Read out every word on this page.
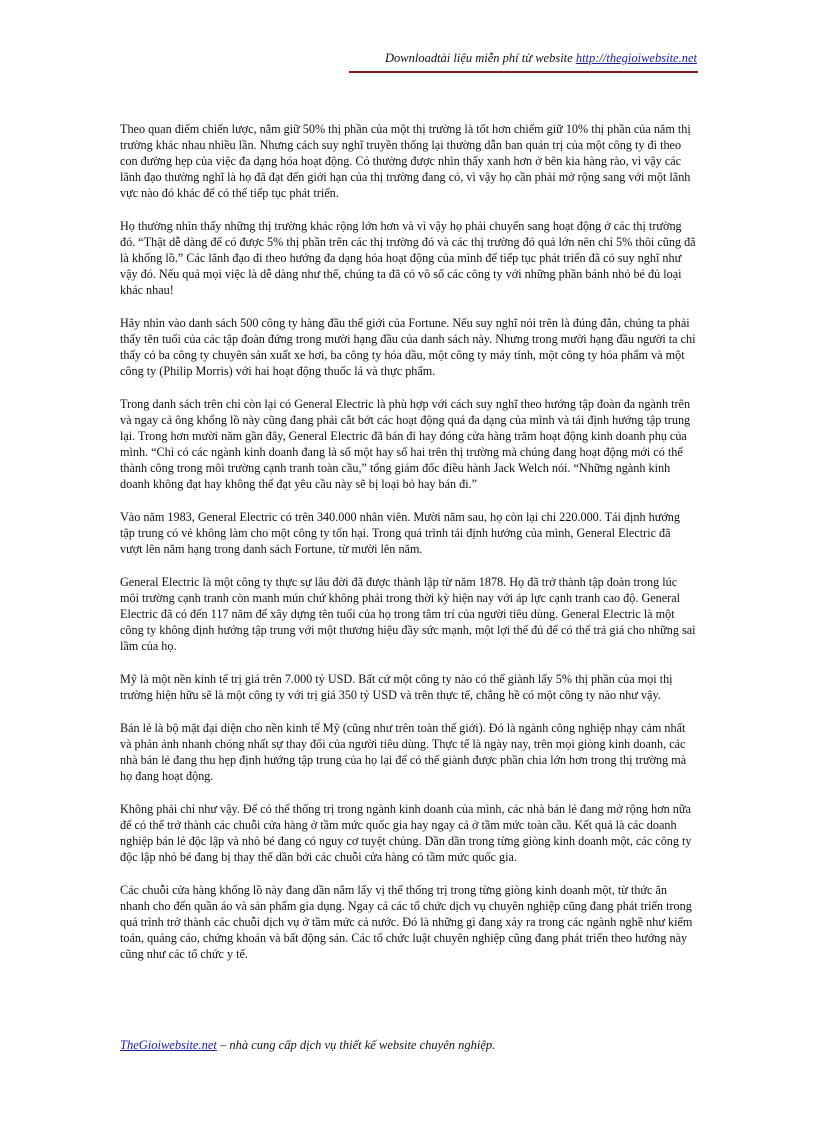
Downloadtài liệu miễn phí từ website http://thegioiwebsite.net

Theo quan điểm chiến lược, nắm giữ 50% thị phần của một thị trường là tốt hơn chiếm giữ 10% thị phần của năm thị trường khác nhau nhiều lần. Nhưng cách suy nghĩ truyền thống lại thường dẫn ban quản trị của một công ty đi theo con đường hẹp của việc đa dạng hóa hoạt động. Cỏ thường được nhìn thấy xanh hơn ở bên kia hàng rào, vì vậy các lãnh đạo thường nghĩ là họ đã đạt đến giới hạn của thị trường đang có, vì vậy họ cần phải mở rộng sang với một lãnh vực nào đó khác để có thể tiếp tục phát triển.

Họ thường nhìn thấy những thị trường khác rộng lớn hơn và vì vậy họ phải chuyển sang hoạt động ở các thị trường đó. “Thật dễ dàng để có được 5% thị phần trên các thị trường đó và các thị trường đó quá lớn nên chỉ 5% thôi cũng đã là khổng lồ.” Các lãnh đạo đi theo hướng đa dạng hóa hoạt động của mình để tiếp tục phát triển đã có suy nghĩ như vậy đó. Nếu quả mọi việc là dễ dàng như thế, chúng ta đã có vô số các công ty với những phần bánh nhỏ bé đủ loại khác nhau!

Hãy nhìn vào danh sách 500 công ty hàng đầu thế giới của Fortune. Nếu suy nghĩ nói trên là đúng đắn, chúng ta phải thấy tên tuổi của các tập đoàn đứng trong mười hạng đầu của danh sách này. Nhưng trong mười hạng đầu người ta chỉ thấy có ba công ty chuyên sản xuất xe hơi, ba công ty hóa dầu, một công ty máy tính, một công ty hóa phẩm và một công ty (Philip Morris) với hai hoạt động thuốc lá và thực phẩm.

Trong danh sách trên chỉ còn lại có General Electric là phù hợp với cách suy nghĩ theo hướng tập đoàn đa ngành trên và ngay cả ông khổng lồ này cũng đang phải cắt bớt các hoạt động quá đa dạng của mình và tái định hướng tập trung lại. Trong hơn mười năm gần đây, General Electric đã bán đi hay đóng cửa hàng trăm hoạt động kinh doanh phụ của mình. “Chỉ có các ngành kinh doanh đang là số một hay số hai trên thị trường mà chúng đang hoạt động mới có thể thành công trong môi trường cạnh tranh toàn cầu,” tổng giám đốc điều hành Jack Welch nói. “Những ngành kinh doanh không đạt hay không thể đạt yêu cầu này sẽ bị loại bỏ hay bán đi.”

Vào năm 1983, General Electric có trên 340.000 nhân viên. Mười năm sau, họ còn lại chỉ 220.000. Tái định hướng tập trung có vẻ không làm cho một công ty tổn hại. Trong quá trình tái định hướng của mình, General Electric đã vượt lên năm hạng trong danh sách Fortune, từ mười lên năm.

General Electric là một công ty thực sự lâu đời đã được thành lập từ năm 1878. Họ đã trở thành tập đoàn trong lúc môi trường cạnh tranh còn manh mún chứ không phải trong thời kỳ hiện nay với áp lực cạnh tranh cao độ. General Electric đã có đến 117 năm để xây dựng tên tuổi của họ trong tâm trí của người tiêu dùng. General Electric là một công ty không định hướng tập trung với một thương hiệu đầy sức mạnh, một lợi thế đủ để có thể trả giá cho những sai lầm của họ.

Mỹ là một nền kinh tế trị giá trên 7.000 tỷ USD. Bất cứ một công ty nào có thể giành lấy 5% thị phần của mọi thị trường hiện hữu sẽ là một công ty với trị giá 350 tỷ USD và trên thực tế, chẳng hề có một công ty nào như vậy.

Bán lẻ là bộ mặt đại diện cho nền kinh tế Mỹ (cũng như trên toàn thế giới). Đó là ngành công nghiệp nhạy cảm nhất và phản ảnh nhanh chóng nhất sự thay đổi của người tiêu dùng. Thực tế là ngày nay, trên mọi giòng kinh doanh, các nhà bán lẻ đang thu hẹp định hướng tập trung của họ lại để có thể giành được phần chia lớn hơn trong thị trường mà họ đang hoạt động.

Không phải chỉ như vậy. Để có thể thống trị trong ngành kinh doanh của mình, các nhà bán lẻ đang mở rộng hơn nữa để có thể trở thành các chuỗi cửa hàng ở tầm mức quốc gia hay ngay cả ở tầm mức toàn cầu. Kết quả là các doanh nghiệp bán lẻ độc lập và nhỏ bé đang có nguy cơ tuyệt chủng. Dần dần trong từng giòng kinh doanh một, các công ty độc lập nhỏ bé đang bị thay thế dần bởi các chuỗi cửa hàng có tầm mức quốc gia.

Các chuỗi cửa hàng khổng lồ này đang dần nắm lấy vị thế thống trị trong từng giòng kinh doanh một, từ thức ăn nhanh cho đến quần áo và sản phẩm gia dụng. Ngay cả các tổ chức dịch vụ chuyên nghiệp cũng đang phát triển trong quá trình trở thành các chuỗi dịch vụ ở tầm mức cả nước. Đó là những gì đang xảy ra trong các ngành nghề như kiểm toán, quảng cáo, chứng khoán và bất động sản. Các tổ chức luật chuyên nghiệp cũng đang phát triển theo hướng này cũng như các tổ chức y tế.

TheGioiwebsite.net – nhà cung cấp dịch vụ thiết kế website chuyên nghiệp.
